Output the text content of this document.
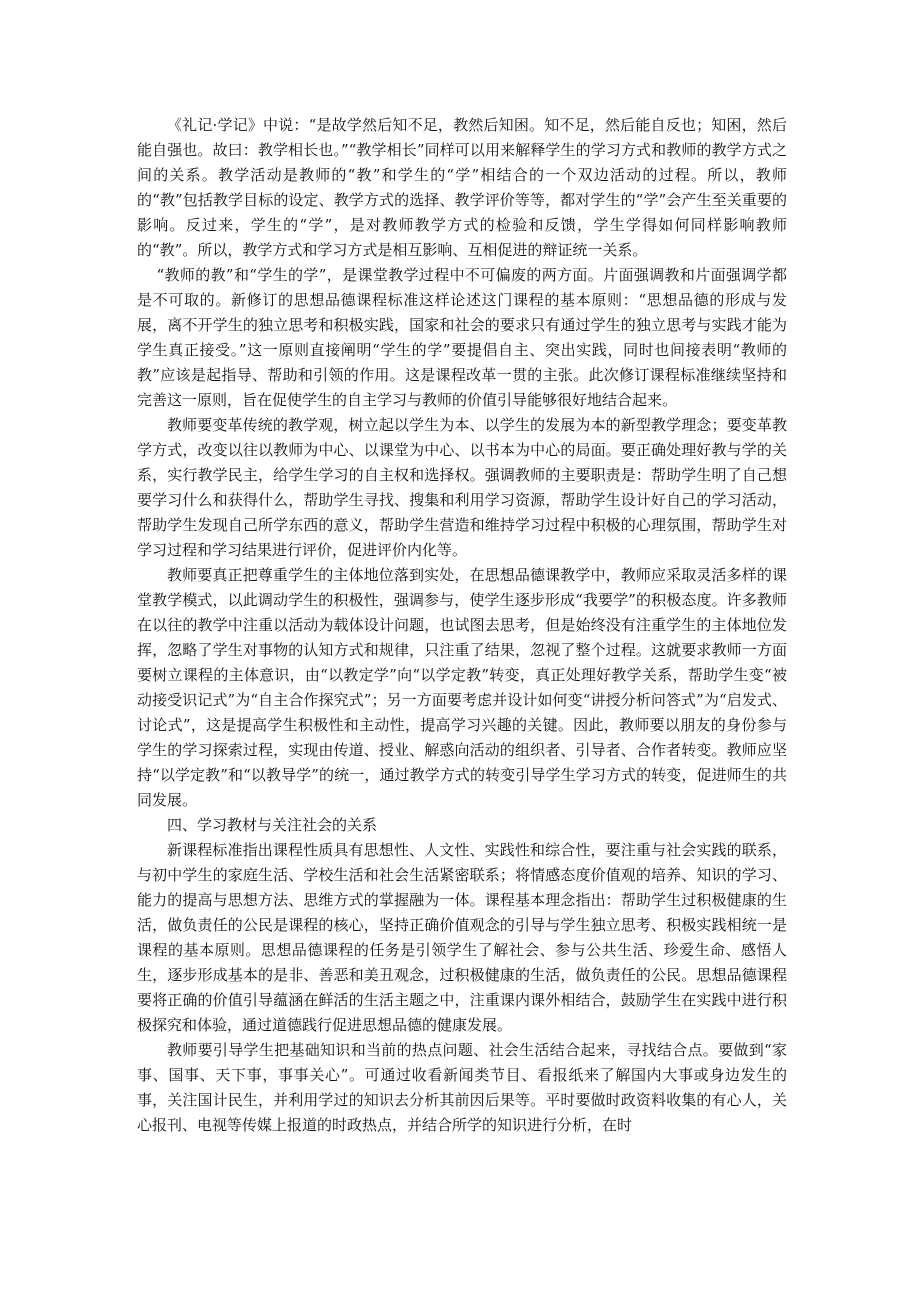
《礼记·学记》中说：“是故学然后知不足，教然后知困。知不足，然后能自反也；知困，然后能自强也。故曰：教学相长也。”“教学相长”同样可以用来解释学生的学习方式和教师的教学方式之间的关系。教学活动是教师的“教”和学生的“学”相结合的一个双边活动的过程。所以，教师的“教”包括教学目标的设定、教学方式的选择、教学评价等等，都对学生的“学”会产生至关重要的影响。反过来，学生的“学”，是对教师教学方式的检验和反馈，学生学得如何同样影响教师的“教”。所以，教学方式和学习方式是相互影响、互相促进的辩证统一关系。

“教师的教”和“学生的学”，是课堂教学过程中不可偏废的两方面。片面强调教和片面强调学都是不可取的。新修订的思想品德课程标准这样论述这门课程的基本原则：“思想品德的形成与发展，离不开学生的独立思考和积极实践，国家和社会的要求只有通过学生的独立思考与实践才能为学生真正接受。”这一原则直接阐明“学生的学”要提倡自主、突出实践，同时也间接表明“教师的教”应该是起指导、帮助和引领的作用。这是课程改革一贯的主张。此次修订课程标准继续坚持和完善这一原则，旨在促使学生的自主学习与教师的价值引导能够很好地结合起来。

教师要变革传统的教学观，树立起以学生为本、以学生的发展为本的新型教学理念；要变革教学方式，改变以往以教师为中心、以课堂为中心、以书本为中心的局面。要正确处理好教与学的关系，实行教学民主，给学生学习的自主权和选择权。强调教师的主要职责是：帮助学生明了自己想要学习什么和获得什么，帮助学生寻找、搜集和利用学习资源，帮助学生设计好自己的学习活动，帮助学生发现自己所学东西的意义，帮助学生营造和维持学习过程中积极的心理氛围，帮助学生对学习过程和学习结果进行评价，促进评价内化等。

教师要真正把尊重学生的主体地位落到实处，在思想品德课教学中，教师应采取灵活多样的课堂教学模式，以此调动学生的积极性，强调参与，使学生逐步形成“我要学”的积极态度。许多教师在以往的教学中注重以活动为载体设计问题，也试图去思考，但是始终没有注重学生的主体地位发挥，忽略了学生对事物的认知方式和规律，只注重了结果，忽视了整个过程。这就要求教师一方面要树立课程的主体意识，由“以教定学”向“以学定教”转变，真正处理好教学关系，帮助学生变“被动接受识记式”为“自主合作探究式”；另一方面要考虑并设计如何变“讲授分析问答式”为“启发式、讨论式”，这是提高学生积极性和主动性，提高学习兴趣的关键。因此，教师要以朋友的身份参与学生的学习探索过程，实现由传道、授业、解惑向活动的组织者、引导者、合作者转变。教师应坚持“以学定教”和“以教导学”的统一，通过教学方式的转变引导学生学习方式的转变，促进师生的共同发展。

四、学习教材与关注社会的关系

新课程标准指出课程性质具有思想性、人文性、实践性和综合性，要注重与社会实践的联系，与初中学生的家庭生活、学校生活和社会生活紧密联系；将情感态度价值观的培养、知识的学习、能力的提高与思想方法、思维方式的掌握融为一体。课程基本理念指出：帮助学生过积极健康的生活，做负责任的公民是课程的核心，坚持正确价值观念的引导与学生独立思考、积极实践相统一是课程的基本原则。思想品德课程的任务是引领学生了解社会、参与公共生活、珍爱生命、感悟人生，逐步形成基本的是非、善恶和美丑观念，过积极健康的生活，做负责任的公民。思想品德课程要将正确的价值引导蕴涵在鲜活的生活主题之中，注重课内课外相结合，鼓励学生在实践中进行积极探究和体验，通过道德践行促进思想品德的健康发展。

教师要引导学生把基础知识和当前的热点问题、社会生活结合起来，寻找结合点。要做到“家事、国事、天下事，事事关心”。可通过收看新闻类节目、看报纸来了解国内大事或身边发生的事，关注国计民生，并利用学过的知识去分析其前因后果等。平时要做时政资料收集的有心人，关心报刊、电视等传媒上报道的时政热点，并结合所学的知识进行分析，在时
